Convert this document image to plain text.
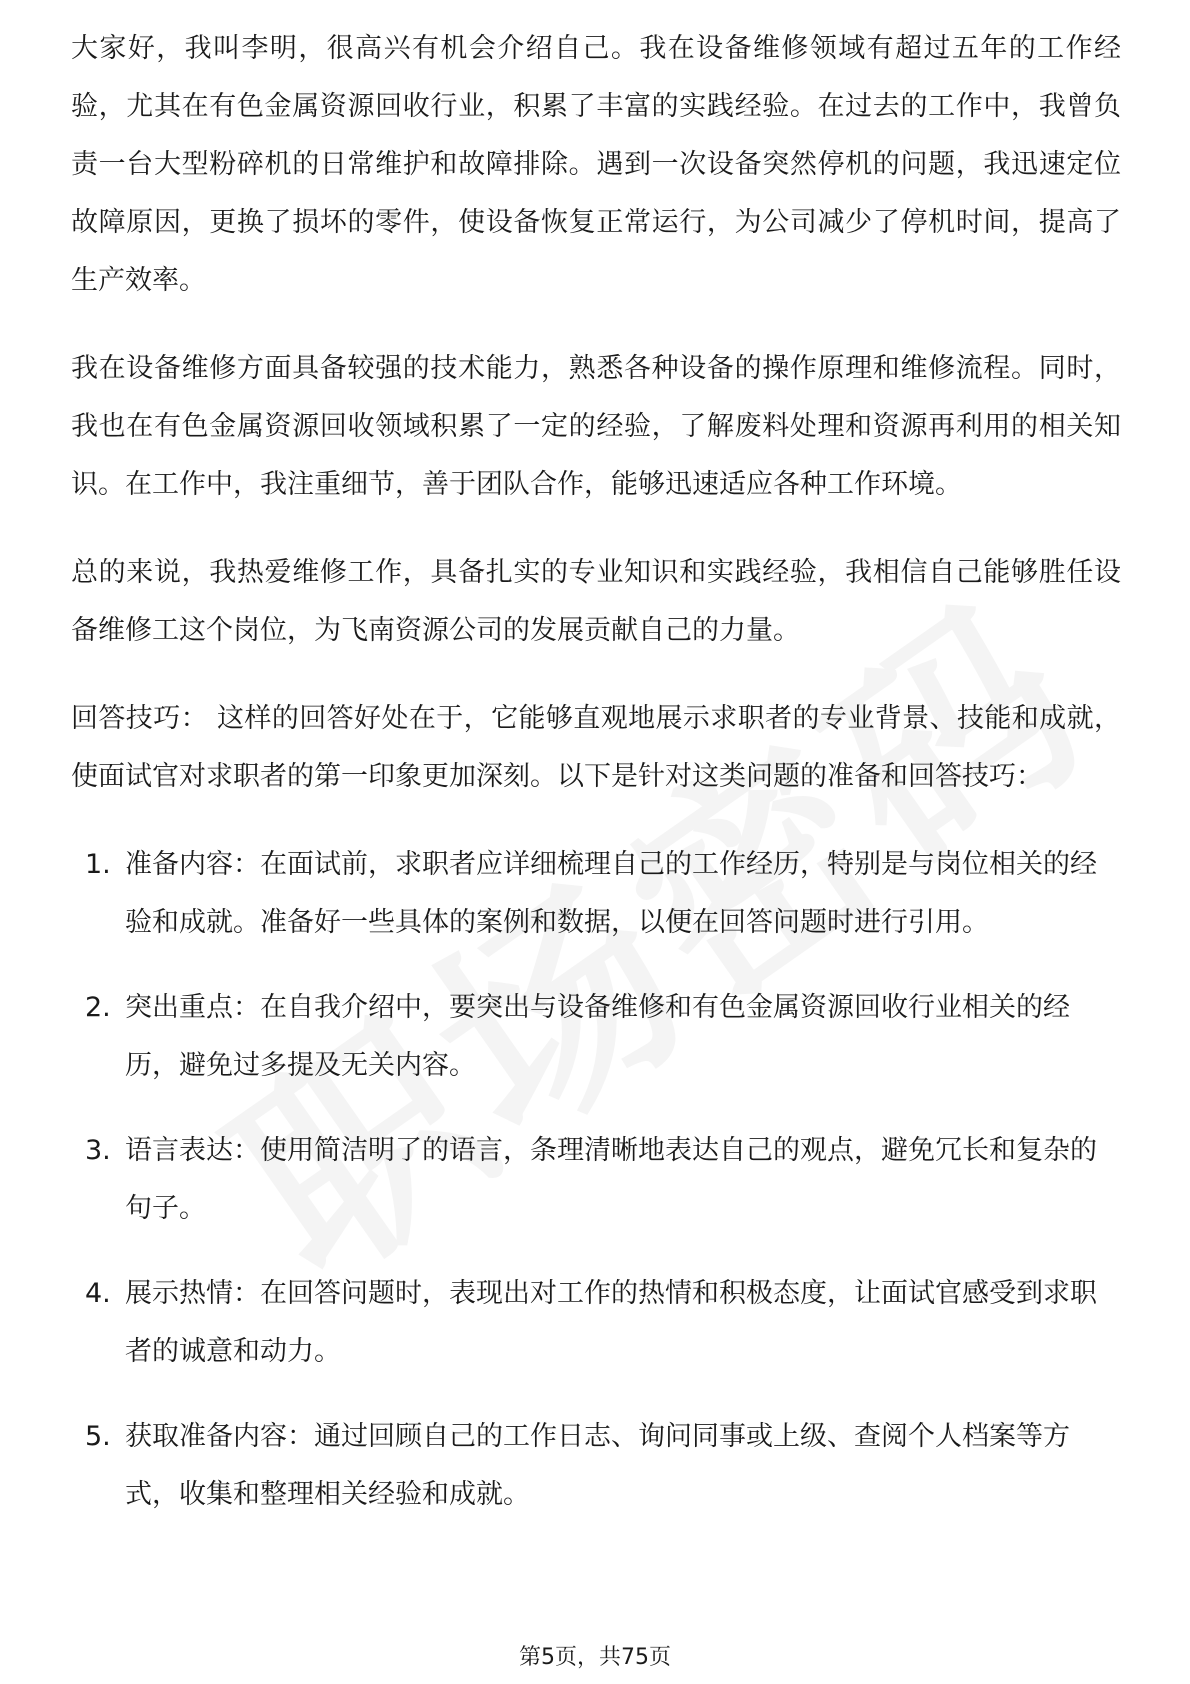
大家好，我叫李明，很高兴有机会介绍自己。我在设备维修领域有超过五年的工作经验，尤其在有色金属资源回收行业，积累了丰富的实践经验。在过去的工作中，我曾负责一台大型粉碎机的日常维护和故障排除。遇到一次设备突然停机的问题，我迅速定位故障原因，更换了损坏的零件，使设备恢复正常运行，为公司减少了停机时间，提高了生产效率。

我在设备维修方面具备较强的技术能力，熟悉各种设备的操作原理和维修流程。同时，我也在有色金属资源回收领域积累了一定的经验，了解废料处理和资源再利用的相关知识。在工作中，我注重细节，善于团队合作，能够迅速适应各种工作环境。

总的来说，我热爱维修工作，具备扎实的专业知识和实践经验，我相信自己能够胜任设备维修工这个岗位，为飞南资源公司的发展贡献自己的力量。

回答技巧： 这样的回答好处在于，它能够直观地展示求职者的专业背景、技能和成就，使面试官对求职者的第一印象更加深刻。以下是针对这类问题的准备和回答技巧：

1. 准备内容：在面试前，求职者应详细梳理自己的工作经历，特别是与岗位相关的经验和成就。准备好一些具体的案例和数据，以便在回答问题时进行引用。
2. 突出重点：在自我介绍中，要突出与设备维修和有色金属资源回收行业相关的经历，避免过多提及无关内容。
3. 语言表达：使用简洁明了的语言，条理清晰地表达自己的观点，避免冗长和复杂的句子。
4. 展示热情：在回答问题时，表现出对工作的热情和积极态度，让面试官感受到求职者的诚意和动力。
5. 获取准备内容：通过回顾自己的工作日志、询问同事或上级、查阅个人档案等方式，收集和整理相关经验和成就。
第5页，共75页
